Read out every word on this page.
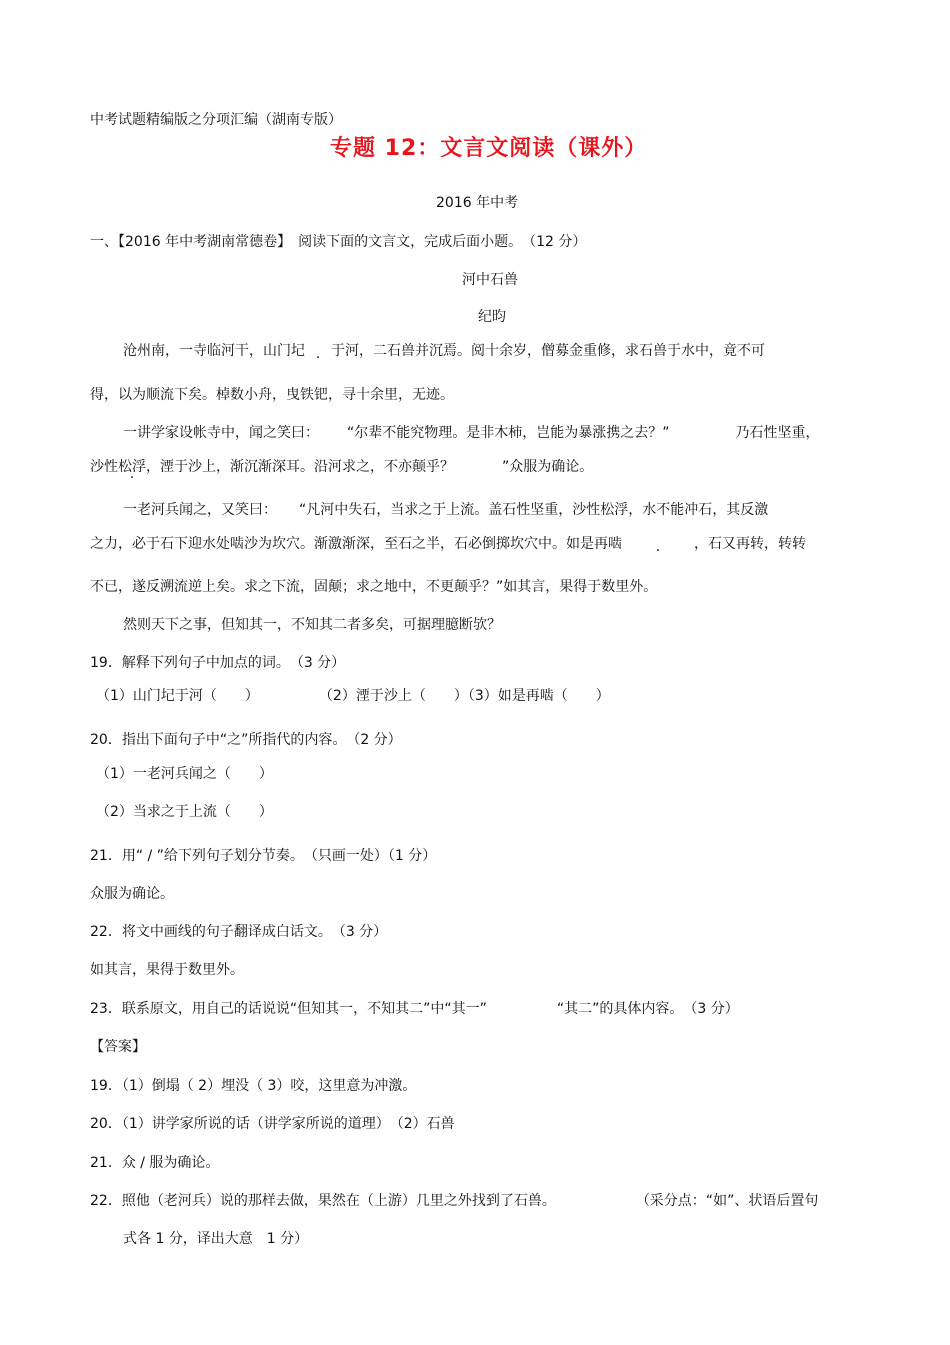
中考试题精编版之分项汇编（湖南专版）
专题 12：文言文阅读（课外）
2016 年中考
一、【2016 年中考湖南常德卷】　阅读下面的文言文，完成后面小题。　（12 分）
河中石兽
纪昀
沧州南，一寺临河干，山门圮 于河，二石兽并沉焉。阅十余岁，僧募金重修，求石兽于水中，竟不可
得，以为顺流下矣。棹数小舟，曳铁钯，寻十余里，无迹。
一讲学家设帐寺中，闻之笑曰： “尔辈不能究物理。是非木柿，岂能为暴涨携之去？”	乃石性坚重，
沙性松浮，湮 .于沙上，渐沉渐深耳。沿河求之，不亦颠乎？	”众服为确论。
一老河兵闻之，又笑曰： “凡河中失石，当求之于上流。盖石性坚重，沙性松浮，水不能冲石，其反激
之力，必于石下迎水处啮沙为坎穴。渐激渐深，至石之半，石必倒掷坎穴中。如是再啮	，石又再转，转转
不已，遂反溯流逆上矣。求之下流，固颠；求之地中，不更颠乎？”如其言，果得于数里外。
然则天下之事，但知其一，不知其二者多矣，可据理臆断欤？
19．解释下列句子中加点的词。　（3 分）
（1）山门圮于河（　　）	（2）湮于沙上（　　）（3）如是再啮（　　）
20．指出下面句子中“之”所指代的内容。　（2 分）
（1）一老河兵闻之（　　）
（2）当求之于上流（　　）
21．用“ / ”给下列句子划分节奏。　（只画一处）（1 分）
众服为确论。
22．将文中画线的句子翻译成白话文。　（3 分）
如其言，果得于数里外。
23．联系原文，用自己的话说说“但知其一，不知其二”中“其一”	“其二”的具体内容。　（3 分）
【答案】
19．（1）倒塌（ 2）埋没（ 3）咬，这里意为冲激。
20．（1）讲学家所说的话（讲学家所说的道理）　（2）石兽
21．众 / 服为确论。
22．照他（老河兵）说的那样去做，果然在（上游）几里之外找到了石兽。	（采分点：“如”、状语后置句
式各 1 分，译出大意　1 分）
